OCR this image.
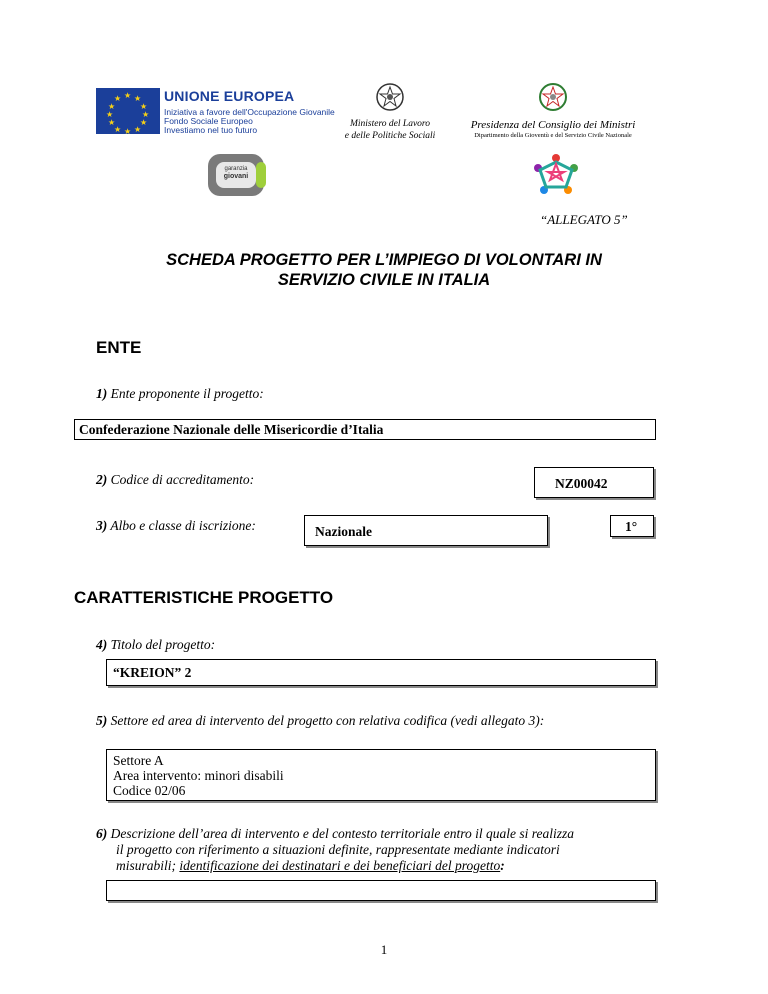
★ ★
★
★
★
★
★
★
★
★
★
★	UNIONE EUROPEA
Iniziativa a favore dell'Occupazione Giovanile
Fondo Sociale Europeo
Investiamo nel tuo futuro
Ministero del Lavoro
e delle Politiche Sociali
Presidenza del Consiglio dei Ministri
Dipartimento della Gioventù e del Servizio Civile Nazionale
garanzia
giovani
“ALLEGATO 5”
SCHEDA PROGETTO PER L’IMPIEGO DI VOLONTARI IN
SERVIZIO CIVILE IN ITALIA
ENTE
1) Ente proponente il progetto:
Confederazione Nazionale delle Misericordie d’Italia
2) Codice di accreditamento:	NZ00042
3) Albo e classe di iscrizione:	Nazionale	1°
CARATTERISTICHE PROGETTO
4) Titolo del progetto:
“KREION” 2
5) Settore ed area di intervento del progetto con relativa codifica (vedi allegato 3):
Settore A
Area intervento: minori disabili
Codice 02/06
6) Descrizione dell’area di intervento e del contesto territoriale entro il quale si realizza
il progetto con riferimento a situazioni definite, rappresentate mediante indicatori
misurabili; identificazione dei destinatari e dei beneficiari del progetto:
1
